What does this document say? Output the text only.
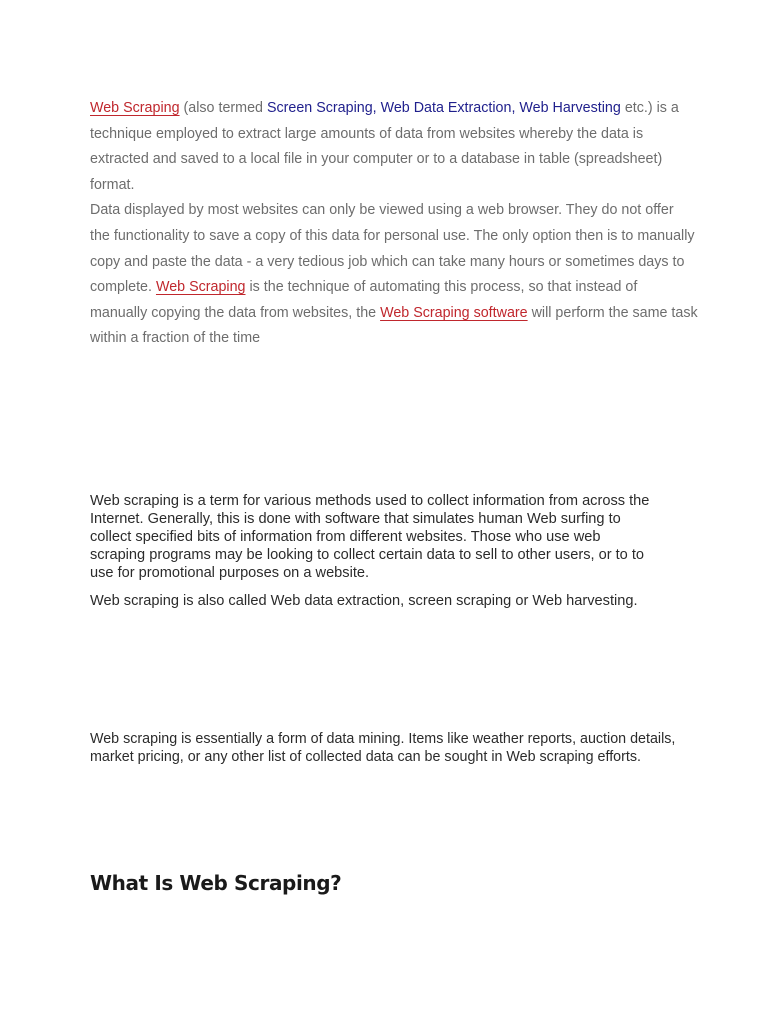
Web Scraping (also termed Screen Scraping, Web Data Extraction, Web Harvesting etc.) is a
technique employed to extract large amounts of data from websites whereby the data is
extracted and saved to a local file in your computer or to a database in table (spreadsheet)
format.
Data displayed by most websites can only be viewed using a web browser. They do not offer
the functionality to save a copy of this data for personal use. The only option then is to manually
copy and paste the data - a very tedious job which can take many hours or sometimes days to
complete. Web Scraping is the technique of automating this process, so that instead of
manually copying the data from websites, the Web Scraping software will perform the same task
within a fraction of the time

Web scraping is a term for various methods used to collect information from across the
Internet. Generally, this is done with software that simulates human Web surfing to
collect specified bits of information from different websites. Those who use web
scraping programs may be looking to collect certain data to sell to other users, or to to
use for promotional purposes on a website.

Web scraping is also called Web data extraction, screen scraping or Web harvesting.

Web scraping is essentially a form of data mining. Items like weather reports, auction details,
market pricing, or any other list of collected data can be sought in Web scraping efforts.

What Is Web Scraping?
